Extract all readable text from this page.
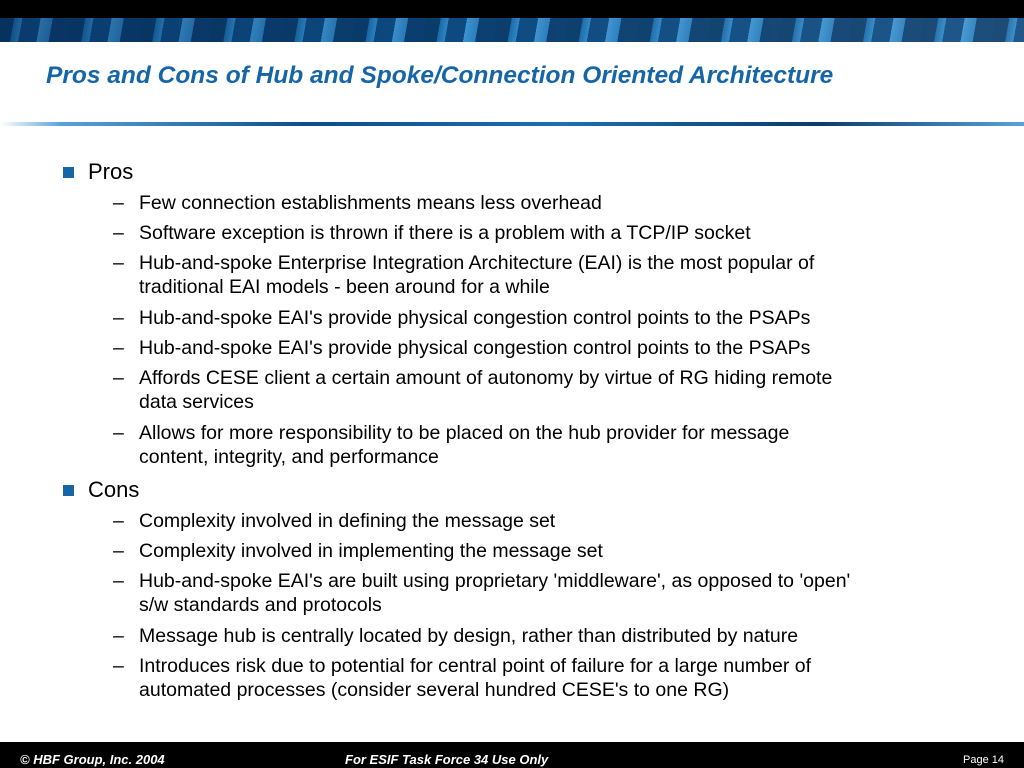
Pros and Cons of Hub and Spoke/Connection Oriented Architecture
Pros
– Few connection establishments means less overhead
– Software exception is thrown if there is a problem with a TCP/IP socket
– Hub-and-spoke Enterprise Integration Architecture (EAI) is the most popular of
traditional EAI models - been around for a while
– Hub-and-spoke EAI's provide physical congestion control points to the PSAPs
– Hub-and-spoke EAI's provide physical congestion control points to the PSAPs
– Affords CESE client a certain amount of autonomy by virtue of RG hiding remote
data services
– Allows for more responsibility to be placed on the hub provider for message
content, integrity, and performance
Cons
– Complexity involved in defining the message set
– Complexity involved in implementing the message set
– Hub-and-spoke EAI's are built using proprietary 'middleware', as opposed to 'open'
s/w standards and protocols
– Message hub is centrally located by design, rather than distributed by nature
– Introduces risk due to potential for central point of failure for a large number of
automated processes (consider several hundred CESE's to one RG)
© HBF Group, Inc. 2004	For ESIF Task Force 34 Use Only	Page 14
